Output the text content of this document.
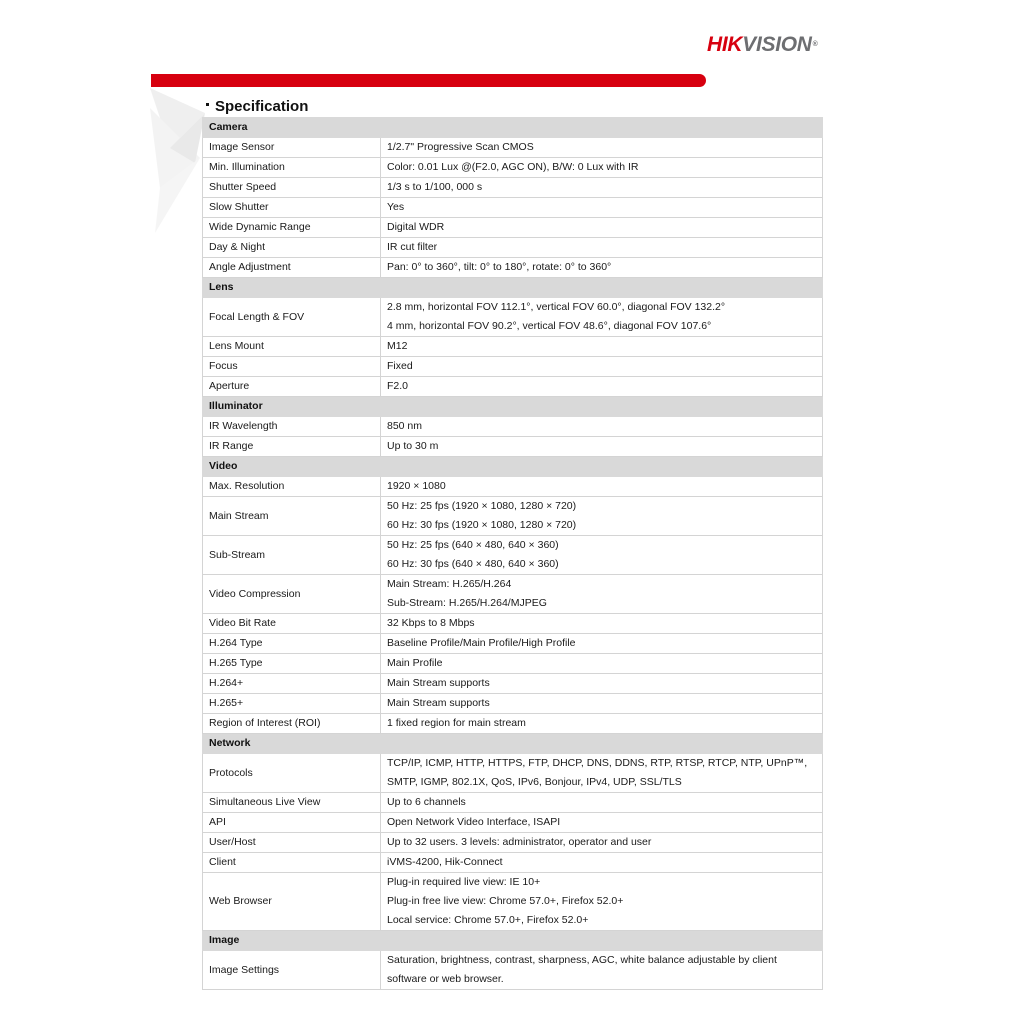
HIKVISION®
Specification
Camera	
Image Sensor	1/2.7" Progressive Scan CMOS

Min. Illumination	Color: 0.01 Lux @(F2.0, AGC ON), B/W: 0 Lux with IR

Shutter Speed	1/3 s to 1/100, 000 s

Slow Shutter	Yes

Wide Dynamic Range	Digital WDR

Day & Night	IR cut filter

Angle Adjustment	Pan: 0° to 360°, tilt: 0° to 180°, rotate: 0° to 360°

Lens	
Focal Length & FOV	2.8 mm, horizontal FOV 112.1°, vertical FOV 60.0°, diagonal FOV 132.2°
4 mm, horizontal FOV 90.2°, vertical FOV 48.6°, diagonal FOV 107.6°

Lens Mount	M12

Focus	Fixed

Aperture	F2.0

Illuminator	
IR Wavelength	850 nm

IR Range	Up to 30 m

Video	
Max. Resolution	1920 × 1080

Main Stream	50 Hz: 25 fps (1920 × 1080, 1280 × 720)
60 Hz: 30 fps (1920 × 1080, 1280 × 720)

Sub-Stream	50 Hz: 25 fps (640 × 480, 640 × 360)
60 Hz: 30 fps (640 × 480, 640 × 360)

Video Compression	Main Stream: H.265/H.264
Sub-Stream: H.265/H.264/MJPEG

Video Bit Rate	32 Kbps to 8 Mbps

H.264 Type	Baseline Profile/Main Profile/High Profile

H.265 Type	Main Profile

H.264+	Main Stream supports

H.265+	Main Stream supports

Region of Interest (ROI)	1 fixed region for main stream

Network	
Protocols	TCP/IP, ICMP, HTTP, HTTPS, FTP, DHCP, DNS, DDNS, RTP, RTSP, RTCP, NTP, UPnP™,
SMTP, IGMP, 802.1X, QoS, IPv6, Bonjour, IPv4, UDP, SSL/TLS

Simultaneous Live View	Up to 6 channels

API	Open Network Video Interface, ISAPI

User/Host	Up to 32 users. 3 levels: administrator, operator and user

Client	iVMS-4200, Hik-Connect

Web Browser	Plug-in required live view: IE 10+
Plug-in free live view: Chrome 57.0+, Firefox 52.0+
Local service: Chrome 57.0+, Firefox 52.0+

Image	
Image Settings	Saturation, brightness, contrast, sharpness, AGC, white balance adjustable by client
software or web browser.
